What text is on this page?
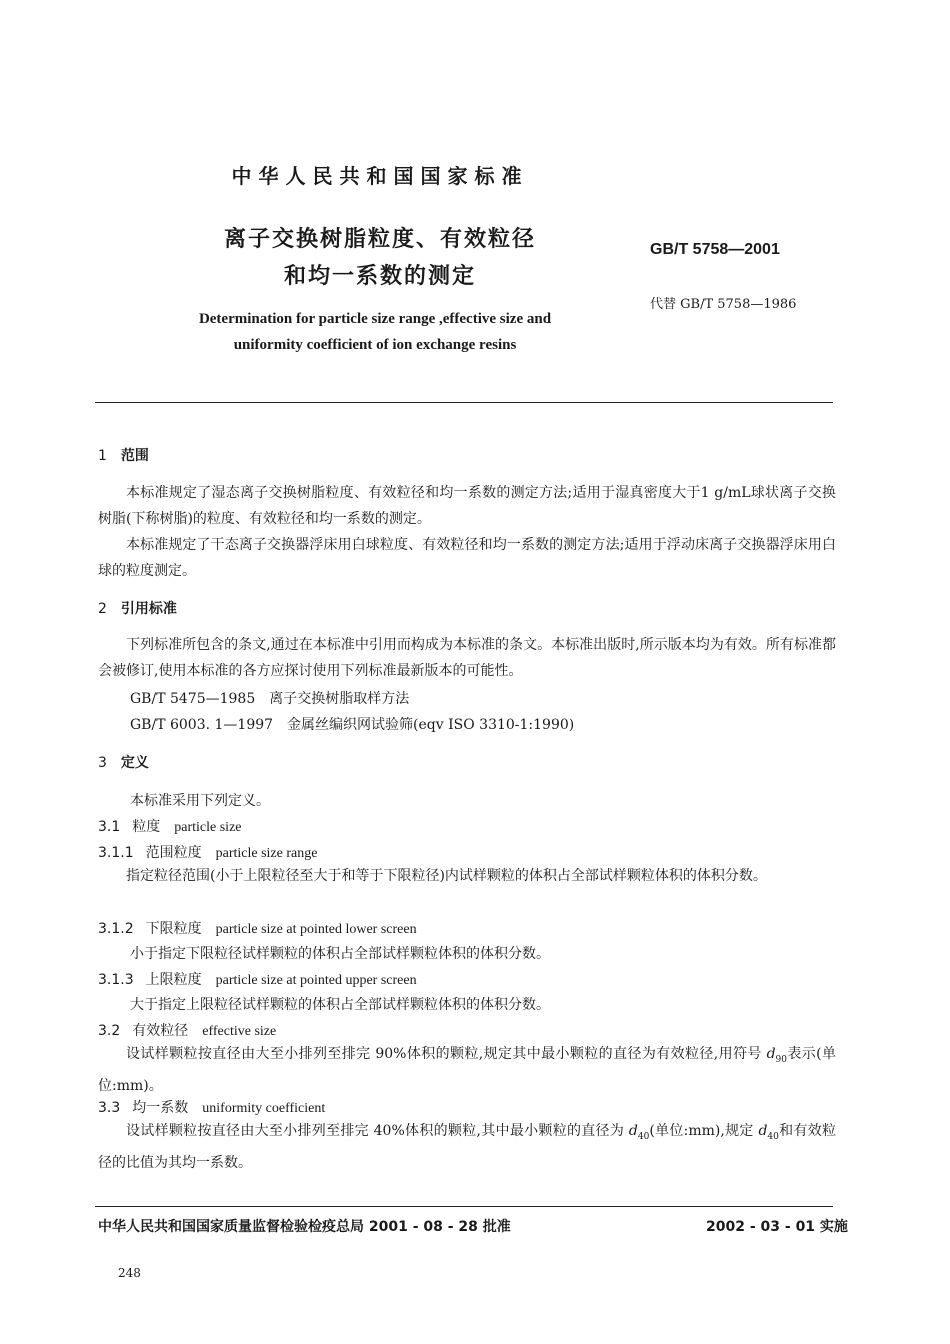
中华人民共和国国家标准
离子交换树脂粒度、有效粒径
和均一系数的测定
GB/T 5758—2001
代替 GB/T 5758—1986
Determination for particle size range ,effective size and
uniformity coefficient of ion exchange resins
1 范围
本标准规定了湿态离子交换树脂粒度、有效粒径和均一系数的测定方法;适用于湿真密度大于1 g/mL球状离子交换树脂(下称树脂)的粒度、有效粒径和均一系数的测定。
本标准规定了干态离子交换器浮床用白球粒度、有效粒径和均一系数的测定方法;适用于浮动床离子交换器浮床用白球的粒度测定。
2 引用标准
下列标准所包含的条文,通过在本标准中引用而构成为本标准的条文。本标准出版时,所示版本均为有效。所有标准都会被修订,使用本标准的各方应探讨使用下列标准最新版本的可能性。
GB/T 5475—1985　离子交换树脂取样方法
GB/T 6003. 1—1997　金属丝编织网试验筛(eqv ISO 3310-1:1990)
3 定义
本标准采用下列定义。
3.1 粒度 particle size
3.1.1 范围粒度 particle size range
指定粒径范围(小于上限粒径至大于和等于下限粒径)内试样颗粒的体积占全部试样颗粒体积的体积分数。
3.1.2 下限粒度 particle size at pointed lower screen
小于指定下限粒径试样颗粒的体积占全部试样颗粒体积的体积分数。
3.1.3 上限粒度 particle size at pointed upper screen
大于指定上限粒径试样颗粒的体积占全部试样颗粒体积的体积分数。
3.2 有效粒径 effective size
设试样颗粒按直径由大至小排列至排完 90%体积的颗粒,规定其中最小颗粒的直径为有效粒径,用符号 $d_{90}$表示(单位:mm)。
3.3 均一系数 uniformity coefficient
设试样颗粒按直径由大至小排列至排完 40%体积的颗粒,其中最小颗粒的直径为 $d_{40}$(单位:mm),规定 $d_{40}$和有效粒径的比值为其均一系数。
中华人民共和国国家质量监督检验检疫总局 2001 - 08 - 28 批准	2002 - 03 - 01 实施
248
